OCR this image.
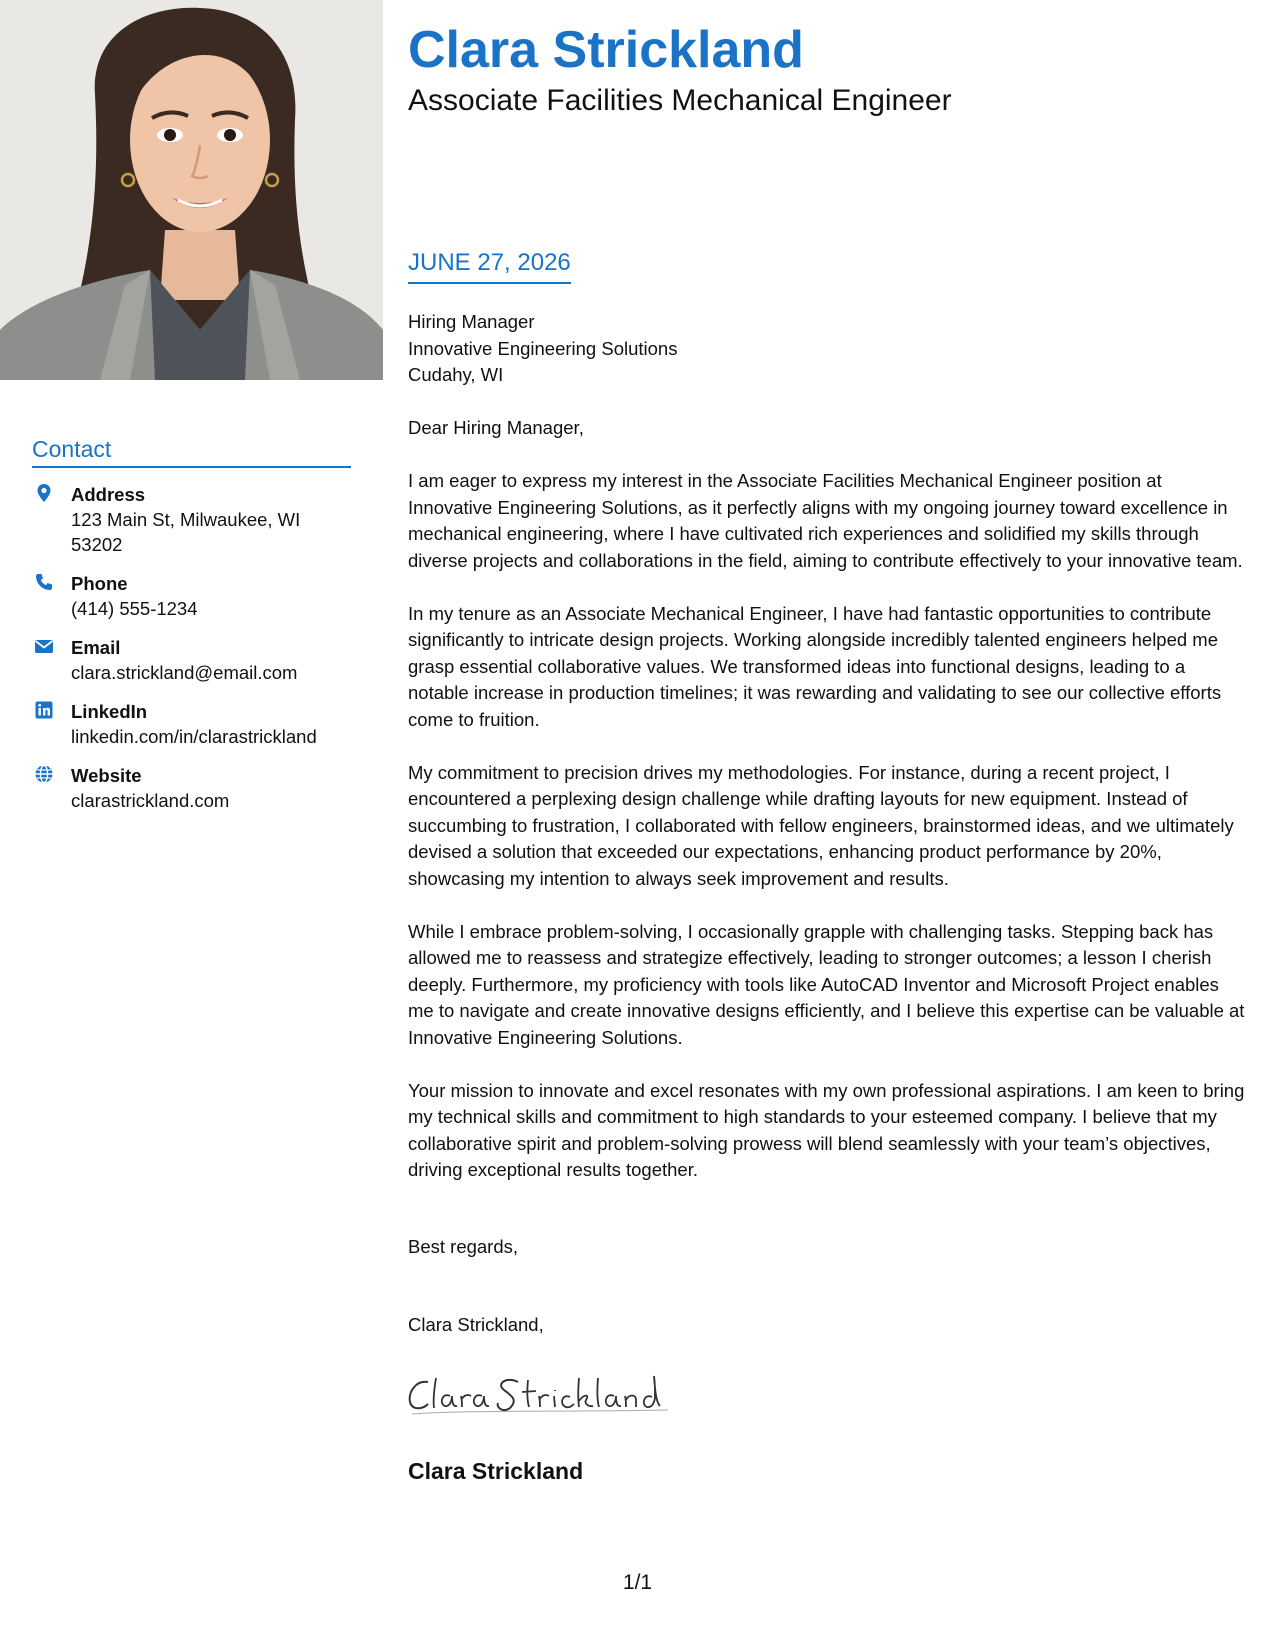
Contact
Address
123 Main St, Milwaukee, WI 53202
Phone
(414) 555-1234
Email
clara.strickland@email.com
LinkedIn
linkedin.com/in/clarastrickland
Website
clarastrickland.com
Clara Strickland
Associate Facilities Mechanical Engineer
JUNE 27, 2026
Hiring Manager
Innovative Engineering Solutions
Cudahy, WI

Dear Hiring Manager,

I am eager to express my interest in the Associate Facilities Mechanical Engineer position at Innovative Engineering Solutions, as it perfectly aligns with my ongoing journey toward excellence in mechanical engineering, where I have cultivated rich experiences and solidified my skills through diverse projects and collaborations in the field, aiming to contribute effectively to your innovative team.

In my tenure as an Associate Mechanical Engineer, I have had fantastic opportunities to contribute significantly to intricate design projects. Working alongside incredibly talented engineers helped me grasp essential collaborative values. We transformed ideas into functional designs, leading to a notable increase in production timelines; it was rewarding and validating to see our collective efforts come to fruition.

My commitment to precision drives my methodologies. For instance, during a recent project, I encountered a perplexing design challenge while drafting layouts for new equipment. Instead of succumbing to frustration, I collaborated with fellow engineers, brainstormed ideas, and we ultimately devised a solution that exceeded our expectations, enhancing product performance by 20%, showcasing my intention to always seek improvement and results.

While I embrace problem-solving, I occasionally grapple with challenging tasks. Stepping back has allowed me to reassess and strategize effectively, leading to stronger outcomes; a lesson I cherish deeply. Furthermore, my proficiency with tools like AutoCAD Inventor and Microsoft Project enables me to navigate and create innovative designs efficiently, and I believe this expertise can be valuable at Innovative Engineering Solutions.

Your mission to innovate and excel resonates with my own professional aspirations. I am keen to bring my technical skills and commitment to high standards to your esteemed company. I believe that my collaborative spirit and problem-solving prowess will blend seamlessly with your team’s objectives, driving exceptional results together.

Best regards,
Clara Strickland,
Clara Strickland
1/1
